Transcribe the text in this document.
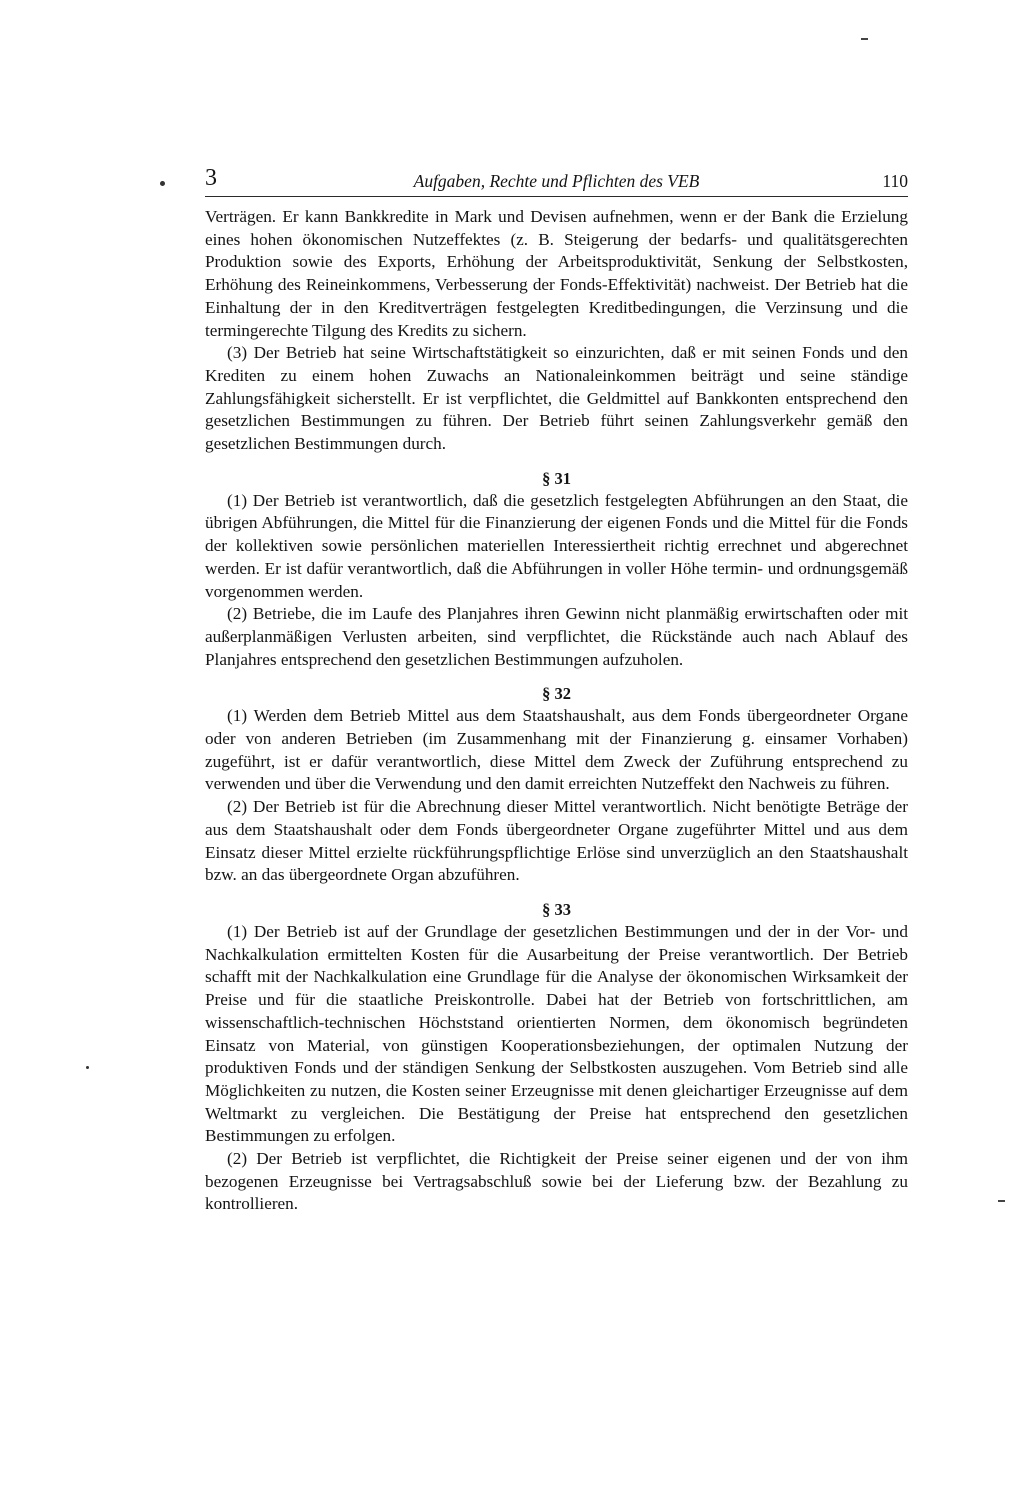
3	Aufgaben, Rechte und Pflichten des VEB	110

Verträgen. Er kann Bankkredite in Mark und Devisen aufnehmen, wenn er der Bank die Erzielung eines hohen ökonomischen Nutzeffektes (z. B. Steigerung der bedarfs- und qualitätsgerechten Produktion sowie des Exports, Erhöhung der Arbeitsproduktivität, Senkung der Selbstkosten, Erhöhung des Reineinkommens, Verbesserung der Fonds-Effektivität) nachweist. Der Betrieb hat die Einhaltung der in den Kreditverträgen festgelegten Kreditbedingungen, die Verzinsung und die termingerechte Tilgung des Kredits zu sichern.

(3) Der Betrieb hat seine Wirtschaftstätigkeit so einzurichten, daß er mit seinen Fonds und den Krediten zu einem hohen Zuwachs an Nationaleinkommen beiträgt und seine ständige Zahlungsfähigkeit sicherstellt. Er ist verpflichtet, die Geldmittel auf Bankkonten entsprechend den gesetzlichen Bestimmungen zu führen. Der Betrieb führt seinen Zahlungsverkehr gemäß den gesetzlichen Bestimmungen durch.

§ 31

(1) Der Betrieb ist verantwortlich, daß die gesetzlich festgelegten Abführungen an den Staat, die übrigen Abführungen, die Mittel für die Finanzierung der eigenen Fonds und die Mittel für die Fonds der kollektiven sowie persönlichen materiellen Interessiertheit richtig errechnet und abgerechnet werden. Er ist dafür verantwortlich, daß die Abführungen in voller Höhe termin- und ordnungsgemäß vorgenommen werden.

(2) Betriebe, die im Laufe des Planjahres ihren Gewinn nicht planmäßig erwirtschaften oder mit außerplanmäßigen Verlusten arbeiten, sind verpflichtet, die Rückstände auch nach Ablauf des Planjahres entsprechend den gesetzlichen Bestimmungen aufzuholen.

§ 32

(1) Werden dem Betrieb Mittel aus dem Staatshaushalt, aus dem Fonds übergeordneter Organe oder von anderen Betrieben (im Zusammenhang mit der Finanzierung g. einsamer Vorhaben) zugeführt, ist er dafür verantwortlich, diese Mittel dem Zweck der Zuführung entsprechend zu verwenden und über die Verwendung und den damit erreichten Nutzeffekt den Nachweis zu führen.

(2) Der Betrieb ist für die Abrechnung dieser Mittel verantwortlich. Nicht benötigte Beträge der aus dem Staatshaushalt oder dem Fonds übergeordneter Organe zugeführter Mittel und aus dem Einsatz dieser Mittel erzielte rückführungspflichtige Erlöse sind unverzüglich an den Staatshaushalt bzw. an das übergeordnete Organ abzuführen.

§ 33

(1) Der Betrieb ist auf der Grundlage der gesetzlichen Bestimmungen und der in der Vor- und Nachkalkulation ermittelten Kosten für die Ausarbeitung der Preise verantwortlich. Der Betrieb schafft mit der Nachkalkulation eine Grundlage für die Analyse der ökonomischen Wirksamkeit der Preise und für die staatliche Preiskontrolle. Dabei hat der Betrieb von fortschrittlichen, am wissenschaftlich-technischen Höchststand orientierten Normen, dem ökonomisch begründeten Einsatz von Material, von günstigen Kooperationsbeziehungen, der optimalen Nutzung der produktiven Fonds und der ständigen Senkung der Selbstkosten auszugehen. Vom Betrieb sind alle Möglichkeiten zu nutzen, die Kosten seiner Erzeugnisse mit denen gleichartiger Erzeugnisse auf dem Weltmarkt zu vergleichen. Die Bestätigung der Preise hat entsprechend den gesetzlichen Bestimmungen zu erfolgen.

(2) Der Betrieb ist verpflichtet, die Richtigkeit der Preise seiner eigenen und der von ihm bezogenen Erzeugnisse bei Vertragsabschluß sowie bei der Lieferung bzw. der Bezahlung zu kontrollieren.
